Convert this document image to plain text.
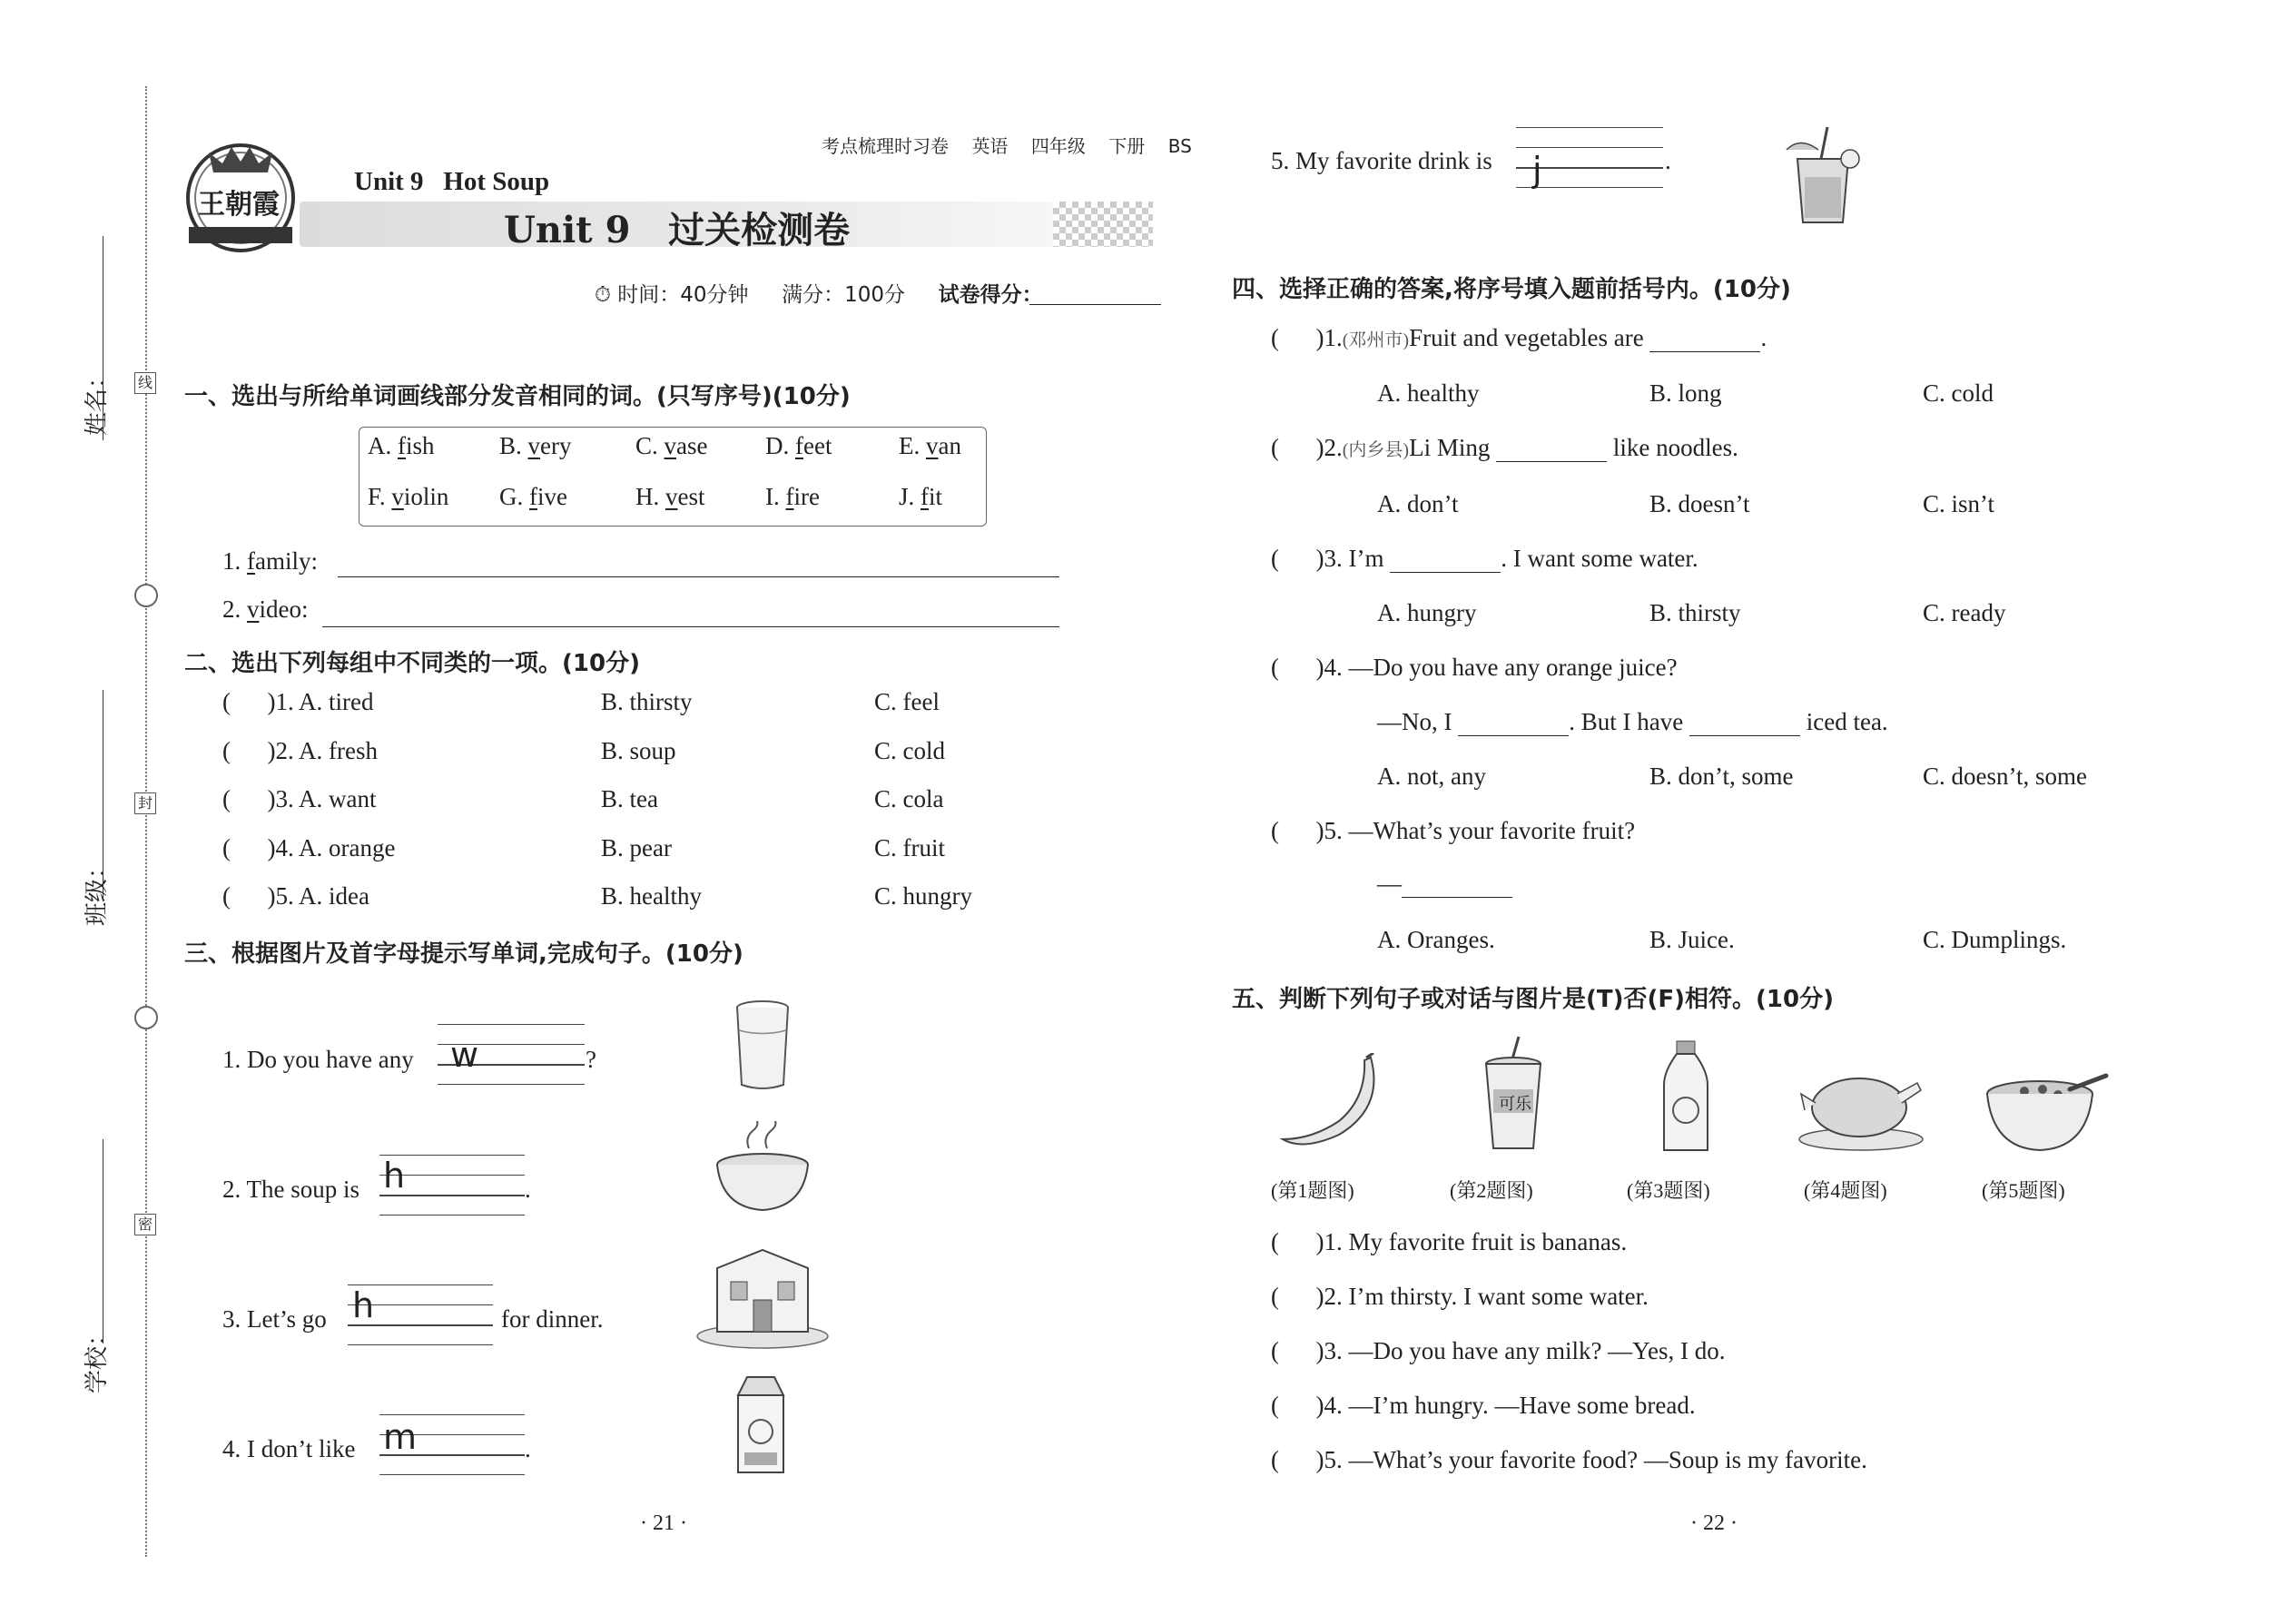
姓名：
班级：
学校：
线
封
密
王朝霞
考点梳理时习卷 英语 四年级 下册 BS
Unit 9   Hot Soup
Unit 9   过关检测卷
⏱ 时间：40分钟 满分：100分 试卷得分：
一、选出与所给单词画线部分发音相同的词。(只写序号)(10分)
A. fish	B. very	C. vase D. feet	E. van
F. violin G. five	H. vest I. fire	J. fit
1. family:
2. video:
二、选出下列每组中不同类的一项。(10分)
(      )1. A. tired	B. thirsty	C. feel
(      )2. A. fresh	B. soup	C. cold
(      )3. A. want	B. tea	C. cola
(      )4. A. orange	B. pear	C. fruit
(      )5. A. idea	B. healthy	C. hungry
三、根据图片及首字母提示写单词,完成句子。(10分)
1. Do you have any w	?
2. The soup is h	.
3. Let’s go h	for dinner.
4. I don’t like m	.
5. My favorite drink is j	.
· 21 ·
四、选择正确的答案,将序号填入题前括号内。(10分)
(      )1.(邓州市)Fruit and vegetables are	.
A. healthy	B. long	C. cold
(      )2.(内乡县)Li Ming	like noodles.
A. don’t	B. doesn’t	C. isn’t
(      )3. I’m	. I want some water.
A. hungry	B. thirsty	C. ready
(      )4. —Do you have any orange juice?
—No, I	. But I have	iced tea.
A. not, any	B. don’t, some	C. doesn’t, some
(      )5. —What’s your favorite fruit?
—
A. Oranges.	B. Juice.	C. Dumplings.
五、判断下列句子或对话与图片是(T)否(F)相符。(10分)
可乐
(第1题图)	(第2题图)	(第3题图)	(第4题图)	(第5题图)
(      )1. My favorite fruit is bananas.
(      )2. I’m thirsty. I want some water.
(      )3. —Do you have any milk? —Yes, I do.
(      )4. —I’m hungry. —Have some bread.
(      )5. —What’s your favorite food? —Soup is my favorite.
· 22 ·
